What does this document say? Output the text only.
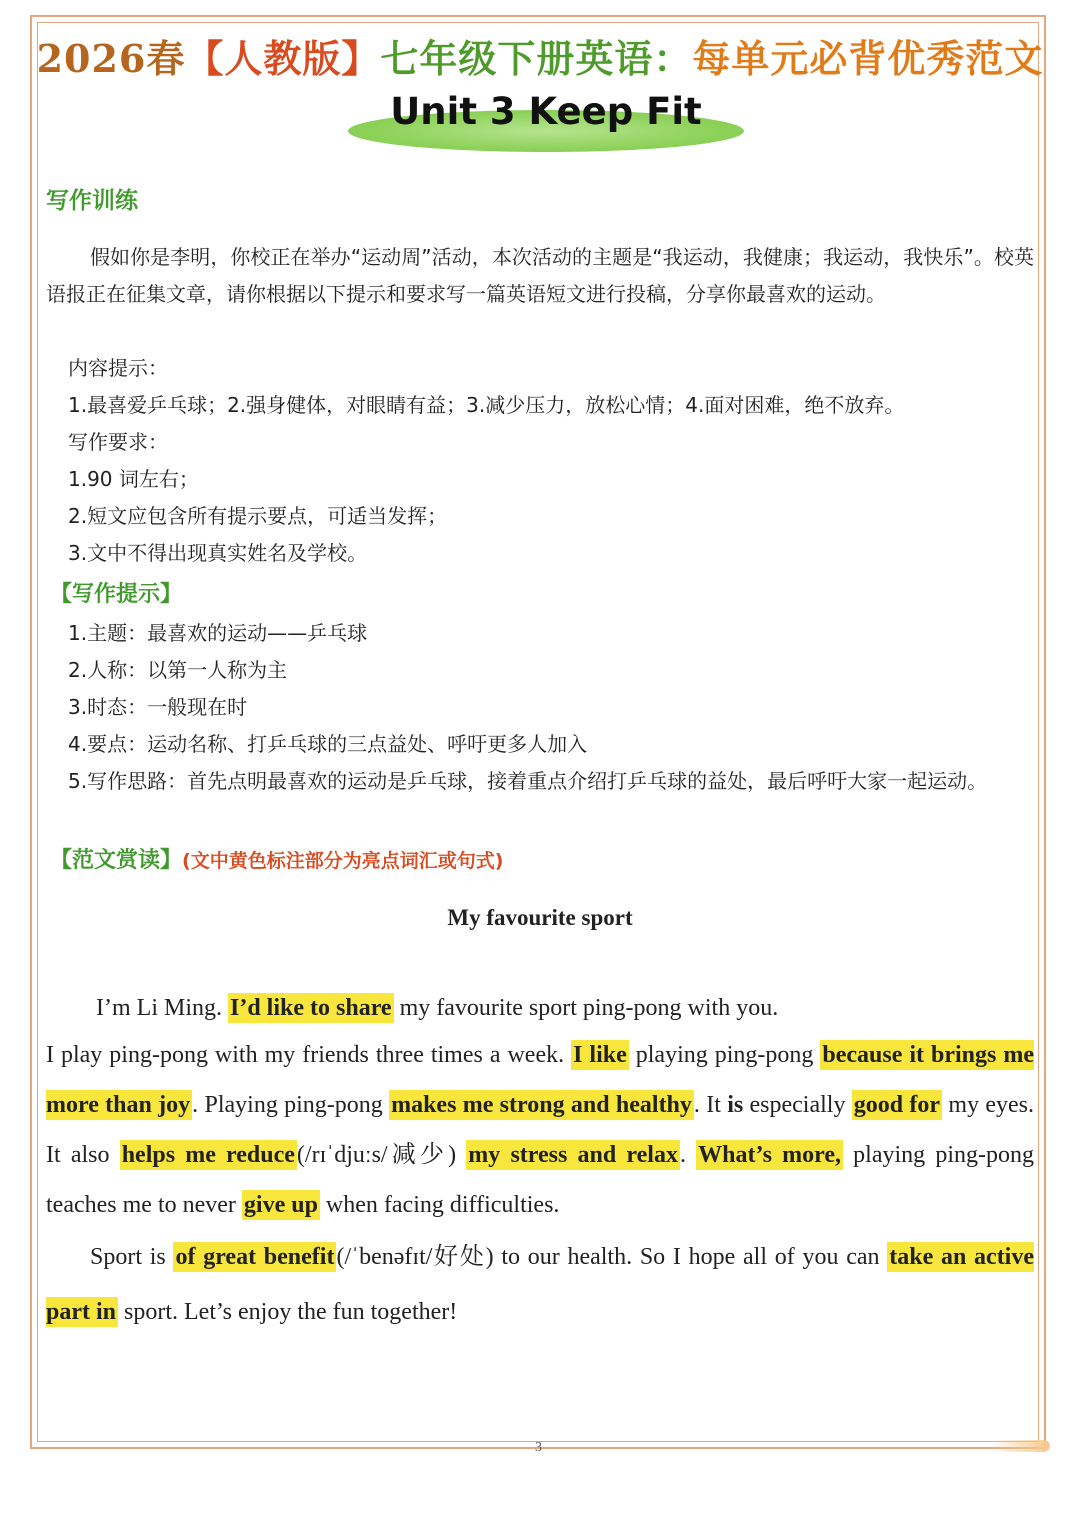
2026春【人教版】七年级下册英语：每单元必背优秀范文
Unit 3 Keep Fit
写作训练
假如你是李明，你校正在举办“运动周”活动，本次活动的主题是“我运动，我健康；我运动，我快乐”。校英语报正在征集文章，请你根据以下提示和要求写一篇英语短文进行投稿，分享你最喜欢的运动。
内容提示：
1.最喜爱乒乓球；2.强身健体，对眼睛有益；3.减少压力，放松心情；4.面对困难，绝不放弃。
写作要求：
1.90 词左右；
2.短文应包含所有提示要点，可适当发挥；
3.文中不得出现真实姓名及学校。
【写作提示】
1.主题：最喜欢的运动——乒乓球
2.人称：以第一人称为主
3.时态：一般现在时
4.要点：运动名称、打乒乓球的三点益处、呼吁更多人加入
5.写作思路：首先点明最喜欢的运动是乒乓球，接着重点介绍打乒乓球的益处，最后呼吁大家一起运动。
【范文赏读】(文中黄色标注部分为亮点词汇或句式)
My favourite sport
I’m Li Ming. I’d like to share my favourite sport ping-pong with you.
I play ping-pong with my friends three times a week. I like playing ping-pong because it brings me more than joy. Playing ping-pong makes me strong and healthy. It is especially good for my eyes. It also helps me reduce(/rɪˈdjuːs/减少) my stress and relax. What’s more, playing ping-pong teaches me to never give up when facing difficulties.
Sport is of great benefit(/ˈbenəfɪt/好处) to our health. So I hope all of you can take an active part in sport. Let’s enjoy the fun together!
3
